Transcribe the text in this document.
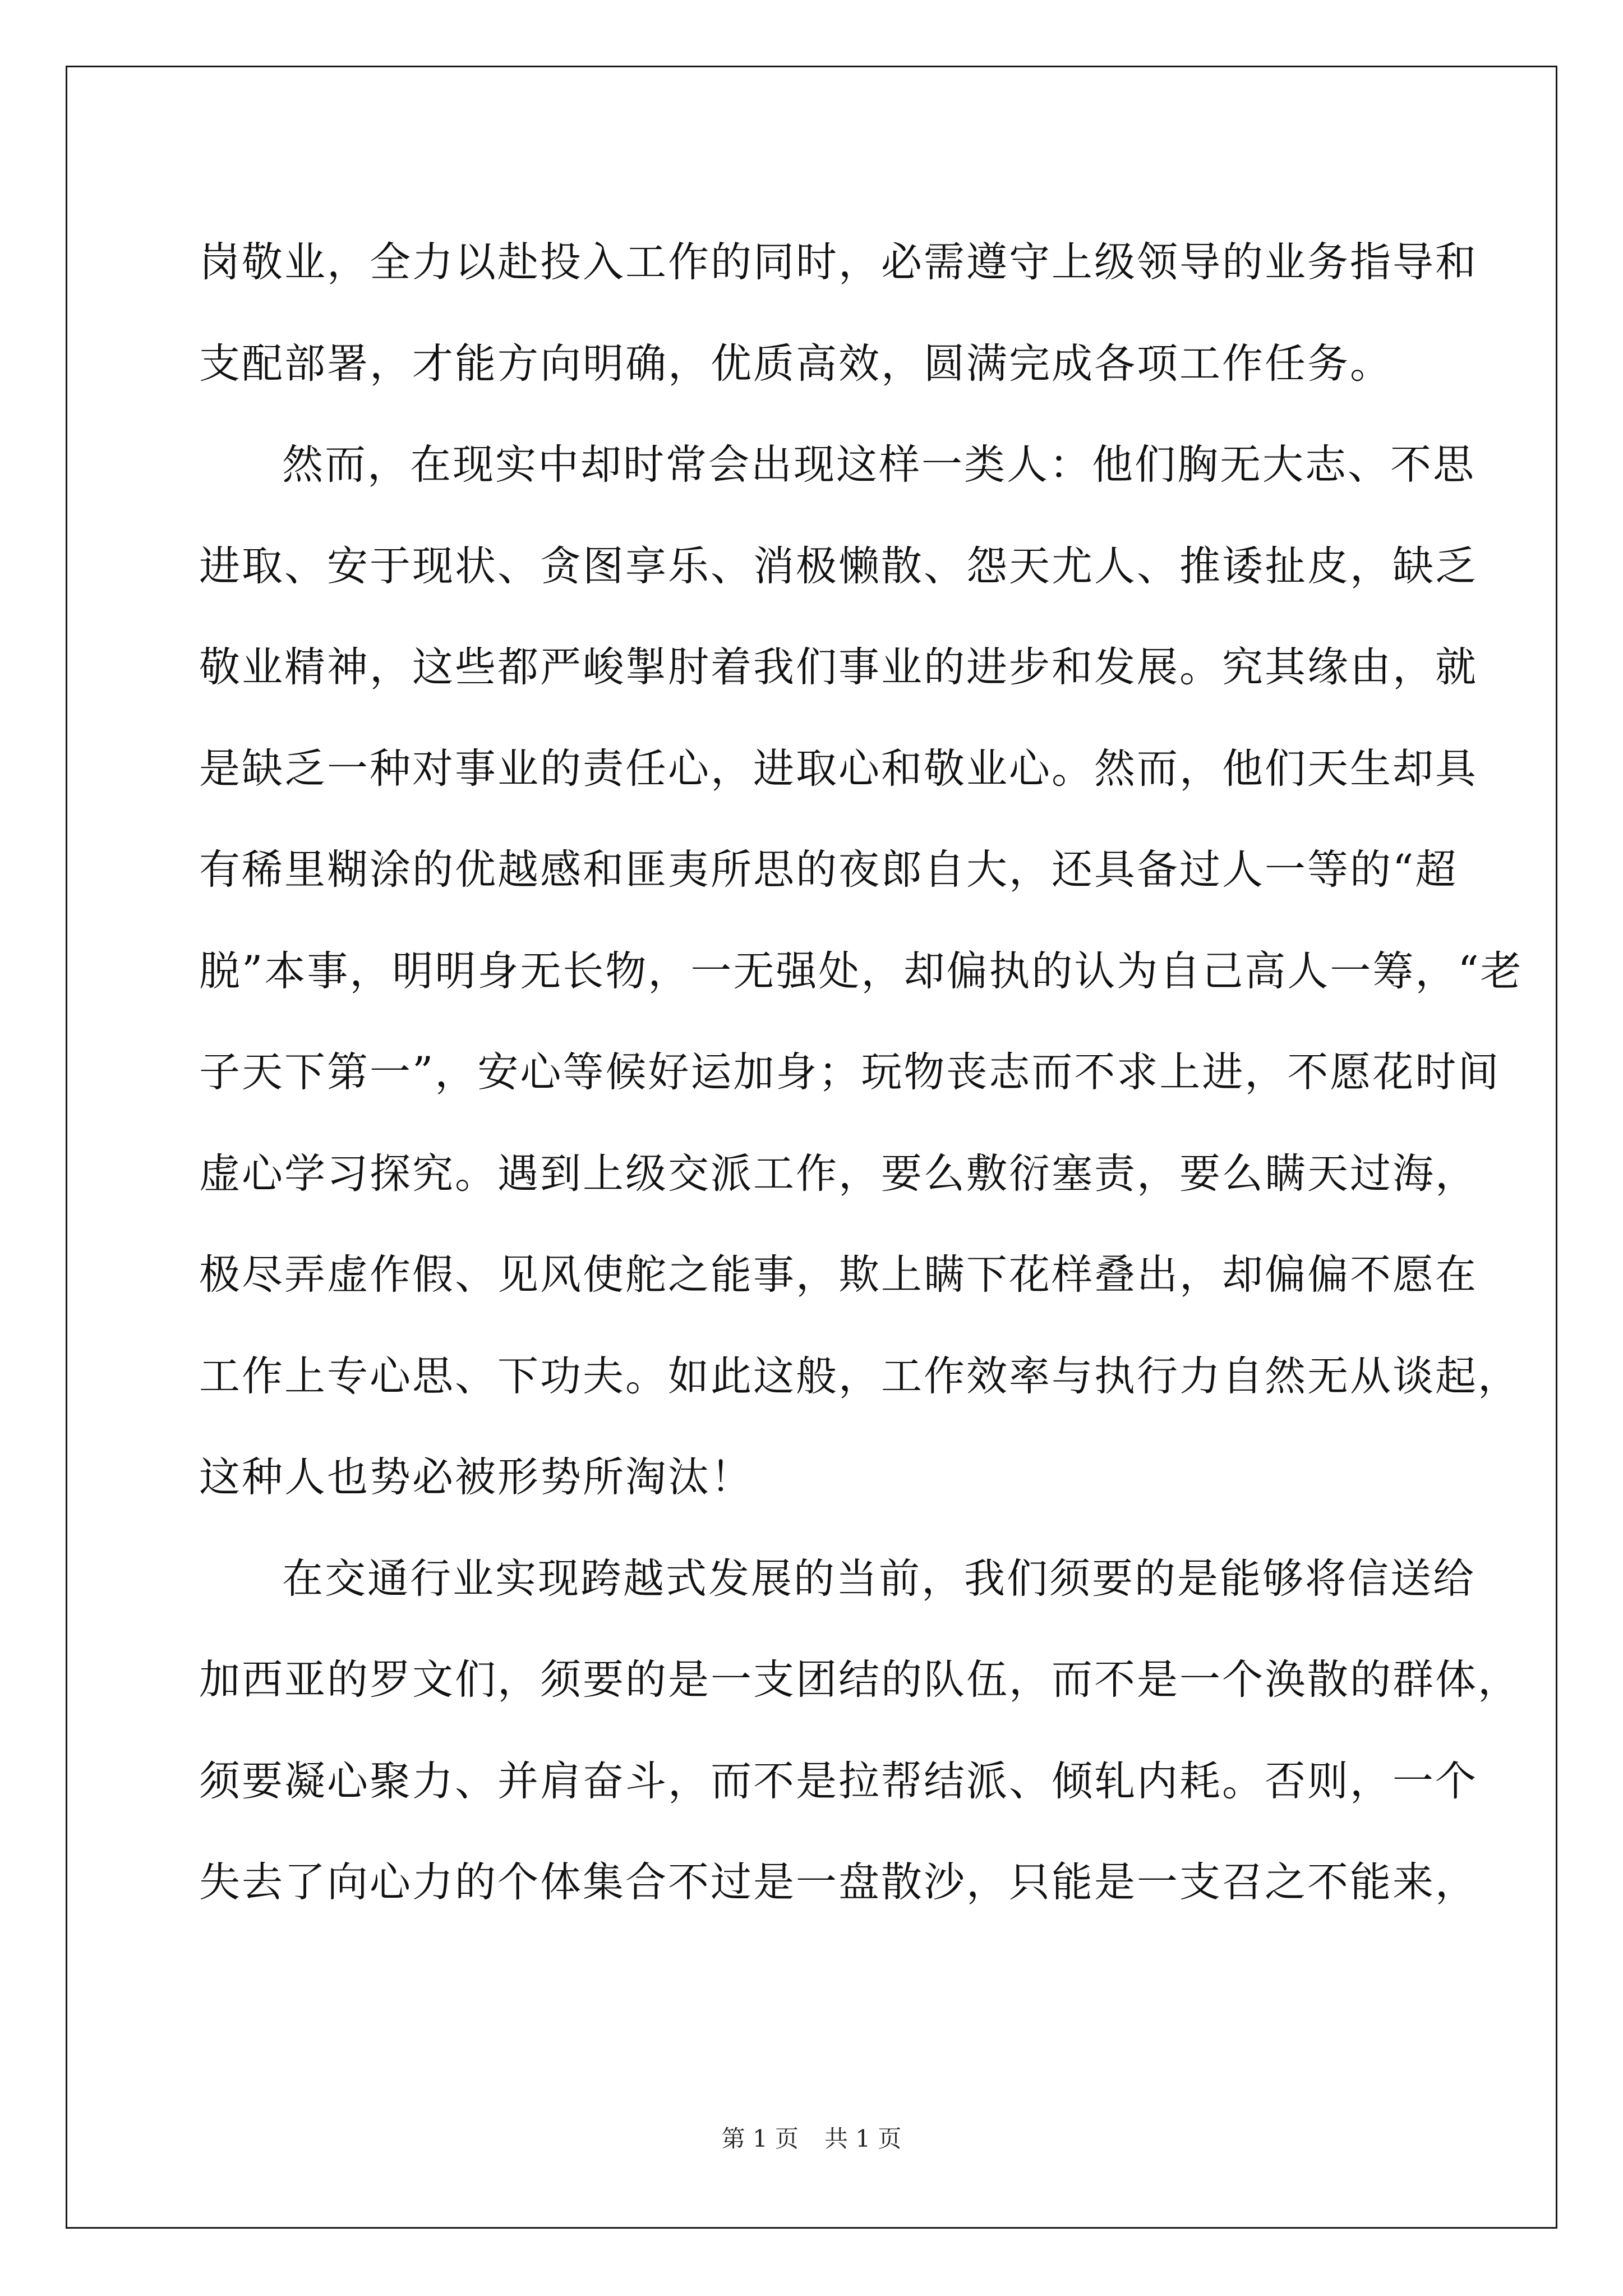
岗敬业，全力以赴投入工作的同时，必需遵守上级领导的业务指导和
支配部署，才能方向明确，优质高效，圆满完成各项工作任务。
然而，在现实中却时常会出现这样一类人：他们胸无大志、不思
进取、安于现状、贪图享乐、消极懒散、怨天尤人、推诿扯皮，缺乏
敬业精神，这些都严峻掣肘着我们事业的进步和发展。究其缘由，就
是缺乏一种对事业的责任心，进取心和敬业心。然而，他们天生却具
有稀里糊涂的优越感和匪夷所思的夜郎自大，还具备过人一等的“超
脱”本事，明明身无长物，一无强处，却偏执的认为自己高人一筹，“老
子天下第一”，安心等候好运加身；玩物丧志而不求上进，不愿花时间
虚心学习探究。遇到上级交派工作，要么敷衍塞责，要么瞒天过海，
极尽弄虚作假、见风使舵之能事，欺上瞒下花样叠出，却偏偏不愿在
工作上专心思、下功夫。如此这般，工作效率与执行力自然无从谈起，
这种人也势必被形势所淘汰！
在交通行业实现跨越式发展的当前，我们须要的是能够将信送给
加西亚的罗文们，须要的是一支团结的队伍，而不是一个涣散的群体，
须要凝心聚力、并肩奋斗，而不是拉帮结派、倾轧内耗。否则，一个
失去了向心力的个体集合不过是一盘散沙，只能是一支召之不能来，
第 1 页 共 1 页
